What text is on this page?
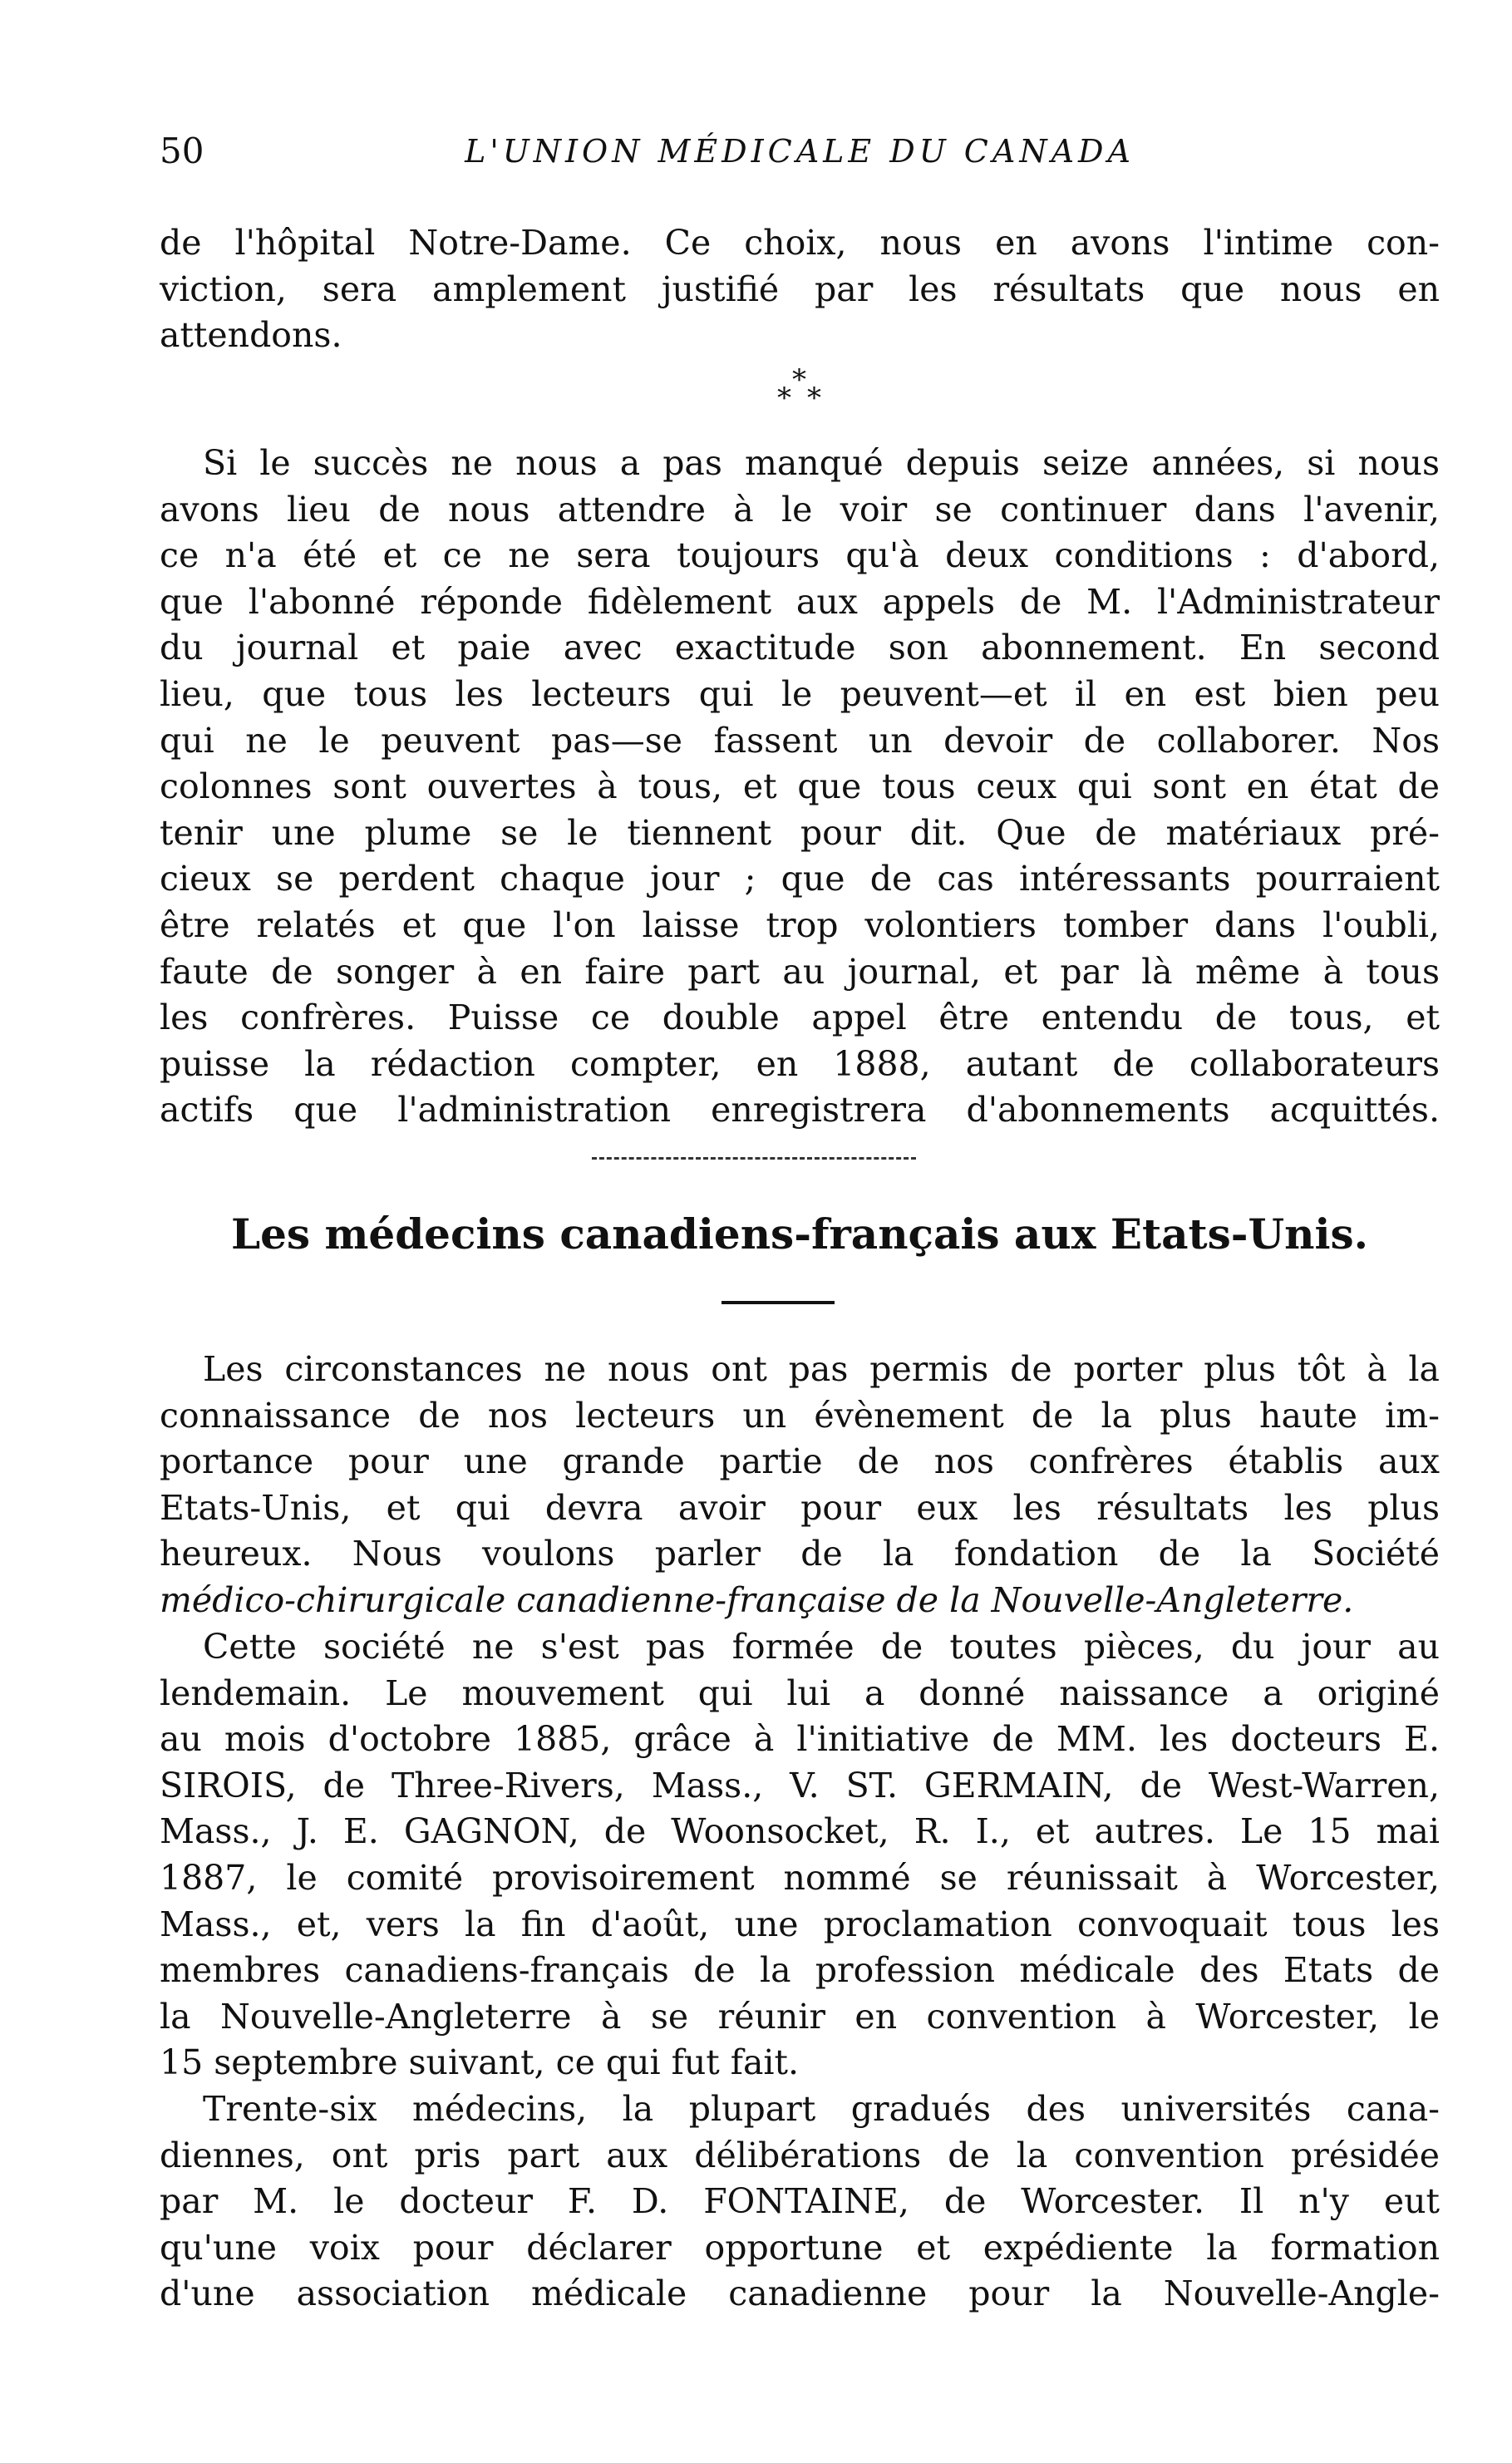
50	L'UNION MÉDICALE DU CANADA

de l'hôpital Notre-Dame. Ce choix, nous en avons l'intime con-
viction, sera amplement justifié par les résultats que nous en
attendons.

*
* *

Si le succès ne nous a pas manqué depuis seize années, si nous
avons lieu de nous attendre à le voir se continuer dans l'avenir,
ce n'a été et ce ne sera toujours qu'à deux conditions : d'abord,
que l'abonné réponde fidèlement aux appels de M. l'Administrateur
du journal et paie avec exactitude son abonnement. En second
lieu, que tous les lecteurs qui le peuvent—et il en est bien peu
qui ne le peuvent pas—se fassent un devoir de collaborer. Nos
colonnes sont ouvertes à tous, et que tous ceux qui sont en état de
tenir une plume se le tiennent pour dit. Que de matériaux pré-
cieux se perdent chaque jour ; que de cas intéressants pourraient
être relatés et que l'on laisse trop volontiers tomber dans l'oubli,
faute de songer à en faire part au journal, et par là même à tous
les confrères. Puisse ce double appel être entendu de tous, et
puisse la rédaction compter, en 1888, autant de collaborateurs
actifs que l'administration enregistrera d'abonnements acquittés.

Les médecins canadiens-français aux Etats-Unis.

Les circonstances ne nous ont pas permis de porter plus tôt à la
connaissance de nos lecteurs un évènement de la plus haute im-
portance pour une grande partie de nos confrères établis aux
Etats-Unis, et qui devra avoir pour eux les résultats les plus
heureux. Nous voulons parler de la fondation de la Société
médico-chirurgicale canadienne-française de la Nouvelle-Angleterre.

Cette société ne s'est pas formée de toutes pièces, du jour au
lendemain. Le mouvement qui lui a donné naissance a originé
au mois d'octobre 1885, grâce à l'initiative de MM. les docteurs E.
SIROIS, de Three-Rivers, Mass., V. ST. GERMAIN, de West-Warren,
Mass., J. E. GAGNON, de Woonsocket, R. I., et autres. Le 15 mai
1887, le comité provisoirement nommé se réunissait à Worcester,
Mass., et, vers la fin d'août, une proclamation convoquait tous les
membres canadiens-français de la profession médicale des Etats de
la Nouvelle-Angleterre à se réunir en convention à Worcester, le
15 septembre suivant, ce qui fut fait.

Trente-six médecins, la plupart gradués des universités cana-
diennes, ont pris part aux délibérations de la convention présidée
par M. le docteur F. D. FONTAINE, de Worcester. Il n'y eut
qu'une voix pour déclarer opportune et expédiente la formation
d'une association médicale canadienne pour la Nouvelle-Angle-
